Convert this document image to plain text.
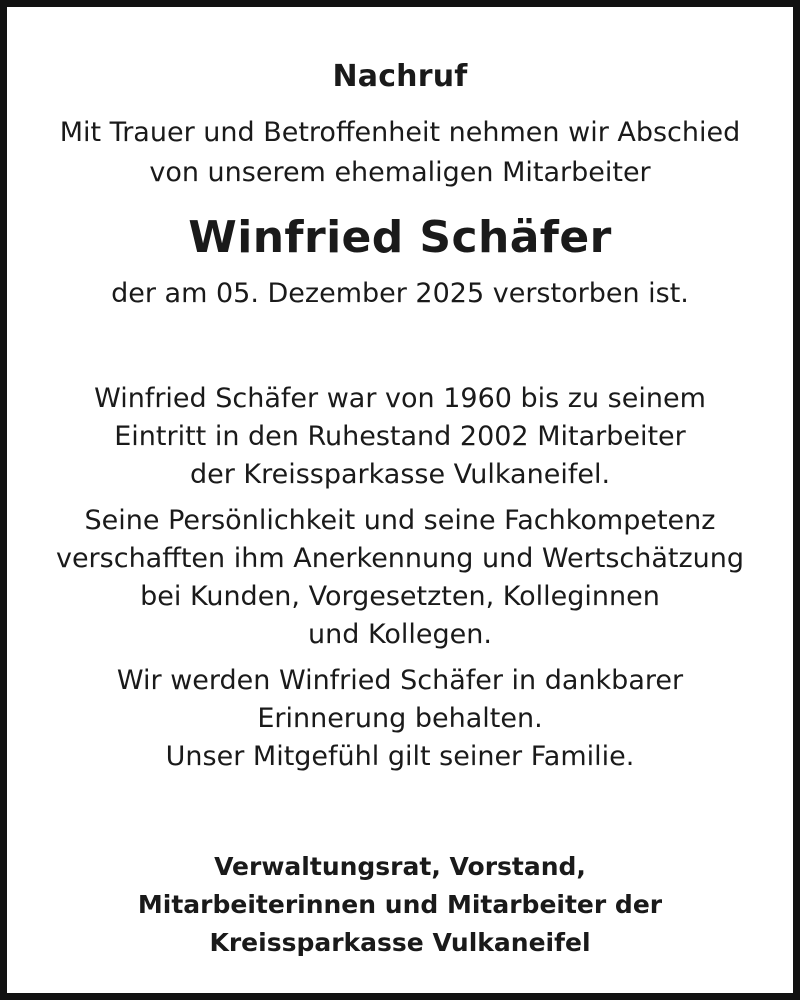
Nachruf
Mit Trauer und Betroffenheit nehmen wir Abschied
von unserem ehemaligen Mitarbeiter
Winfried Schäfer
der am 05. Dezember 2025 verstorben ist.
Winfried Schäfer war von 1960 bis zu seinem
Eintritt in den Ruhestand 2002 Mitarbeiter
der Kreissparkasse Vulkaneifel.
Seine Persönlichkeit und seine Fachkompetenz
verschafften ihm Anerkennung und Wertschätzung
bei Kunden, Vorgesetzten, Kolleginnen
und Kollegen.
Wir werden Winfried Schäfer in dankbarer
Erinnerung behalten.
Unser Mitgefühl gilt seiner Familie.
Verwaltungsrat, Vorstand,
Mitarbeiterinnen und Mitarbeiter der
Kreissparkasse Vulkaneifel
